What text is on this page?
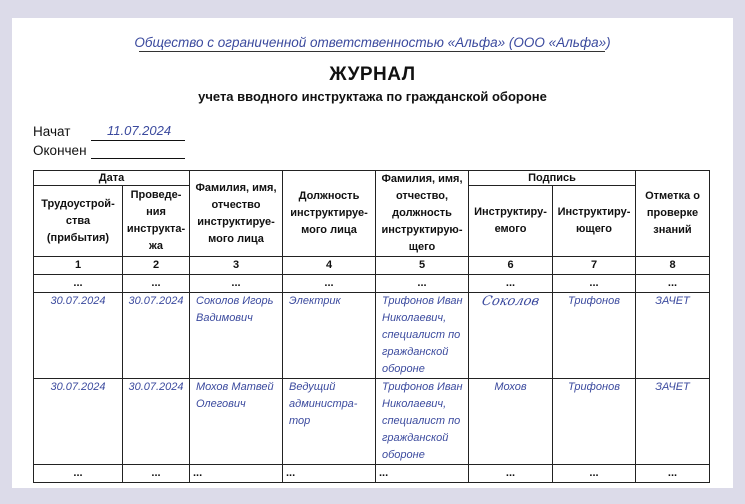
Общество с ограниченной ответственностью «Альфа» (ООО «Альфа»)
ЖУРНАЛ
учета вводного инструктажа по гражданской обороне
Начат	11.07.2024
Окончен
Дата		Фамилия, имя, отчество инструктируе-мого лица	Должность инструктируе-мого лица	Фамилия, имя, отчество, должность инструктирую-щего	Подпись		Отметка о проверке знаний
Трудоустрой-ства (прибытия)	Проведе-ния инструкта-жа				Инструктиру-емого	Инструктиру-ющего	
1	2	3	4	5	6	7	8
...	...	...	...	...	...	...	...
30.07.2024	30.07.2024	Соколов Игорь Вадимович	Электрик	Трифонов Иван Николаевич, специалист по гражданской обороне	Соколов	Трифонов	ЗАЧЕТ
30.07.2024	30.07.2024	Мохов Матвей Олегович	Ведущий администра-тор	Трифонов Иван Николаевич, специалист по гражданской обороне	Мохов	Трифонов	ЗАЧЕТ
...	...	...	...	...	...	...	...
